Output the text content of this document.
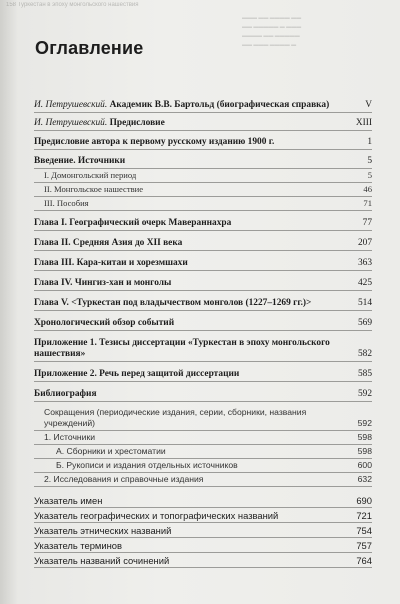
158 Туркестан в эпоху монгольского нашествия
▬▬▬ ▬▬ ▬▬▬▬ ▬▬
▬▬ ▬▬▬▬▬ ▬ ▬▬▬
▬▬▬▬ ▬▬ ▬▬▬▬▬
▬▬ ▬▬▬ ▬▬▬▬ ▬
Оглавление
И. Петрушевский. Академик В.В. Бартольд (биографическая справка)	V
И. Петрушевский. Предисловие	XIII
Предисловие автора к первому русскому изданию 1900 г.	1
Введение. Источники	5
I. Домонгольский период	5
II. Монгольское нашествие	46
III. Пособия	71
Глава I. Географический очерк Мавераннахра	77
Глава II. Средняя Азия до XII века	207
Глава III. Кара-китаи и хорезмшахи	363
Глава IV. Чингиз-хан и монголы	425
Глава V. <Туркестан под владычеством монголов (1227–1269 гг.)>	514
Хронологический обзор событий	569
Приложение 1. Тезисы диссертации «Туркестан в эпоху монгольского нашествия»	582
Приложение 2. Речь перед защитой диссертации	585
Библиография	592
Сокращения (периодические издания, серии, сборники, названия учреждений)	592
1. Источники	598
А. Сборники и хрестоматии	598
Б. Рукописи и издания отдельных источников	600
2. Исследования и справочные издания	632
Указатель имен	690
Указатель географических и топографических названий	721
Указатель этнических названий	754
Указатель терминов	757
Указатель названий сочинений	764
